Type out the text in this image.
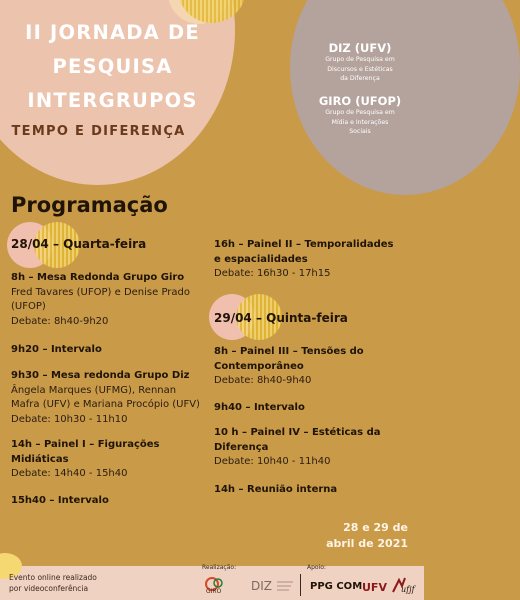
II JORNADA DE
PESQUISA
INTERGRUPOS
TEMPO E DIFERENÇA
DIZ (UFV)
Grupo de Pesquisa em
Discursos e Estéticas
da Diferença
GIRO (UFOP)
Grupo de Pesquisa em
Mídia e Interações
Sociais
Programação
28/04 – Quarta-feira
8h – Mesa Redonda Grupo Giro
Fred Tavares (UFOP) e Denise Prado
(UFOP)
Debate: 8h40-9h20
9h20 – Intervalo
9h30 – Mesa redonda Grupo Diz
Ângela Marques (UFMG), Rennan
Mafra (UFV) e Mariana Procópio (UFV)
Debate: 10h30 - 11h10
14h – Painel I – Figurações
Midiáticas
Debate: 14h40 - 15h40
15h40 – Intervalo
16h – Painel II – Temporalidades
e espacialidades
Debate: 16h30 - 17h15
29/04 – Quinta-feira
8h – Painel III – Tensões do
Contemporâneo
Debate: 8h40-9h40
9h40 – Intervalo
10 h – Painel IV – Estéticas da
Diferença
Debate: 10h40 - 11h40
14h – Reunião interna
28 e 29 de
abril de 2021
Evento online realizado
por videoconferência
Realização:	Apoio:
GIRO DIZ	PPG COM UFV ufjf
